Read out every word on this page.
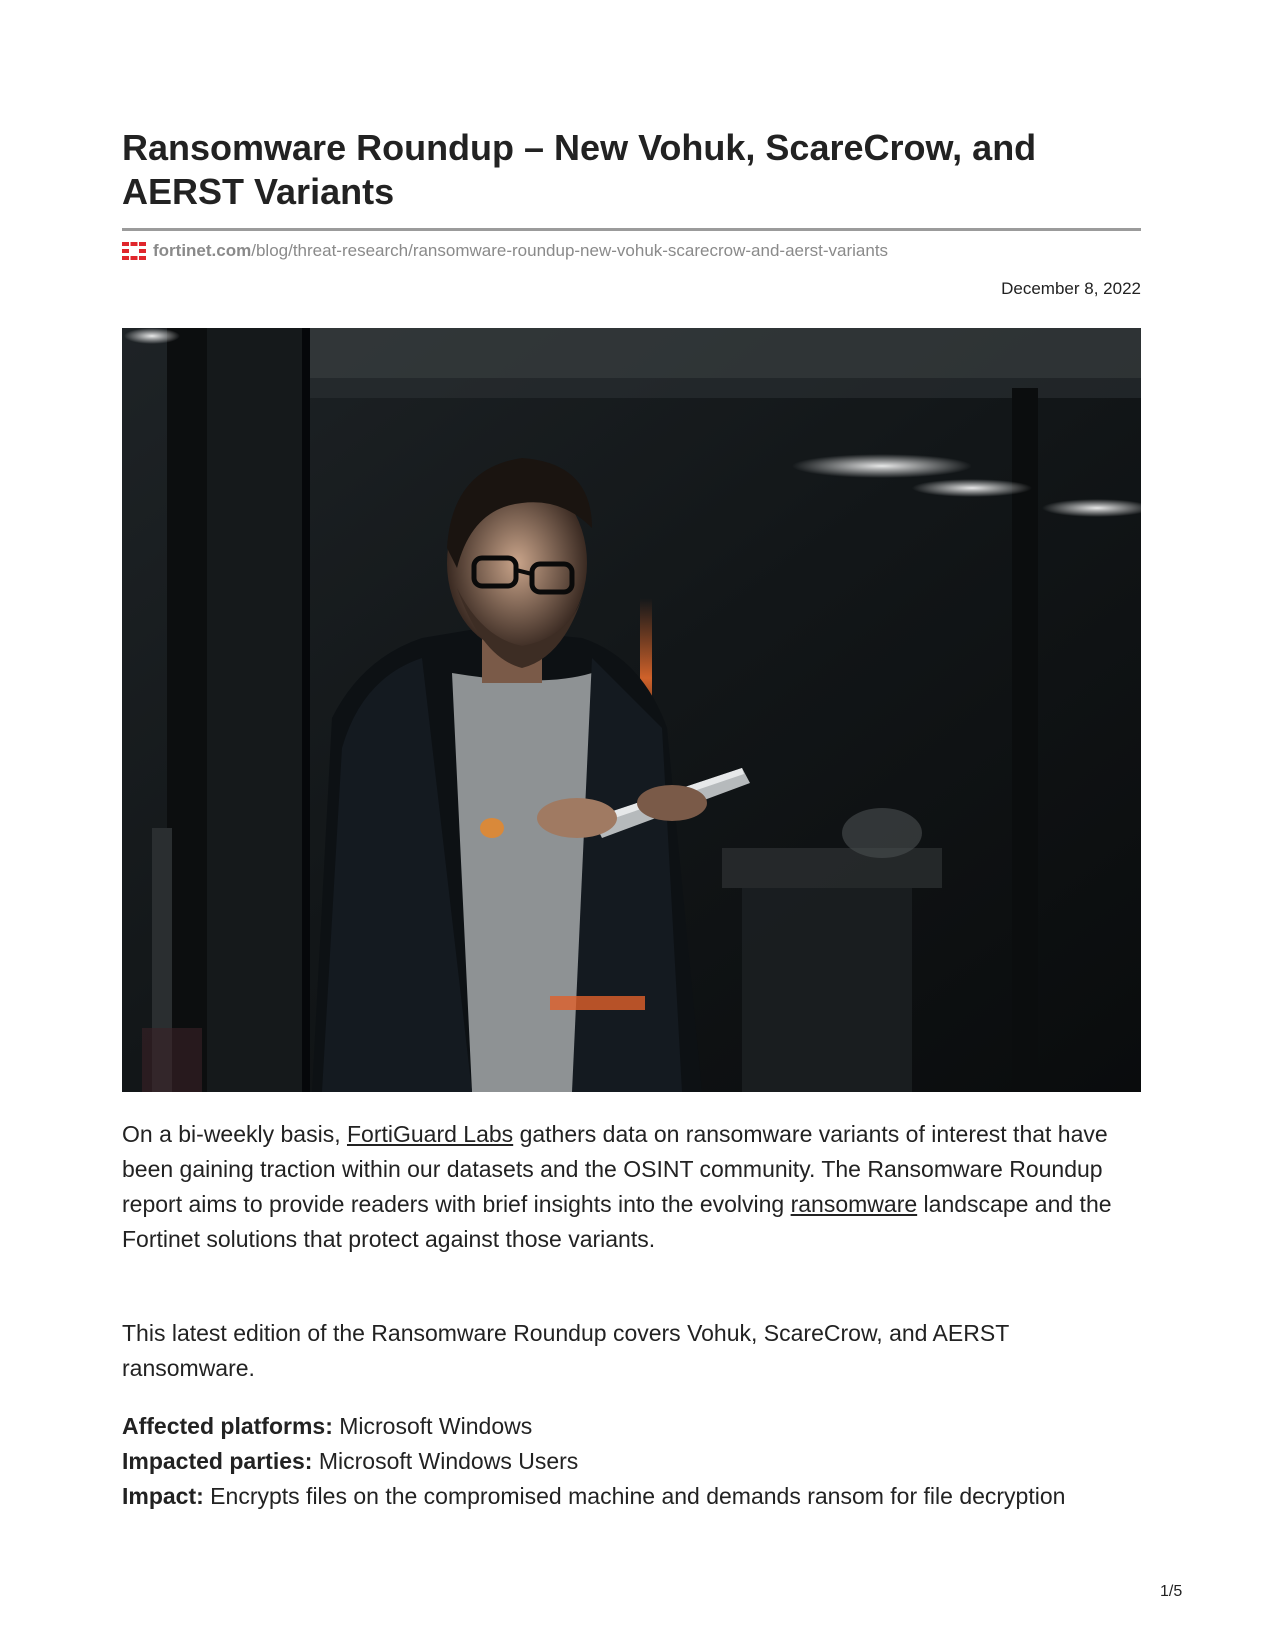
Ransomware Roundup – New Vohuk, ScareCrow, and AERST Variants
fortinet.com /blog/threat-research/ransomware-roundup-new-vohuk-scarecrow-and-aerst-variants
December 8, 2022

On a bi-weekly basis, FortiGuard Labs gathers data on ransomware variants of interest that have been gaining traction within our datasets and the OSINT community. The Ransomware Roundup report aims to provide readers with brief insights into the evolving ransomware landscape and the Fortinet solutions that protect against those variants.

This latest edition of the Ransomware Roundup covers Vohuk, ScareCrow, and AERST ransomware.

Affected platforms: Microsoft Windows
Impacted parties: Microsoft Windows Users
Impact: Encrypts files on the compromised machine and demands ransom for file decryption
1/5
